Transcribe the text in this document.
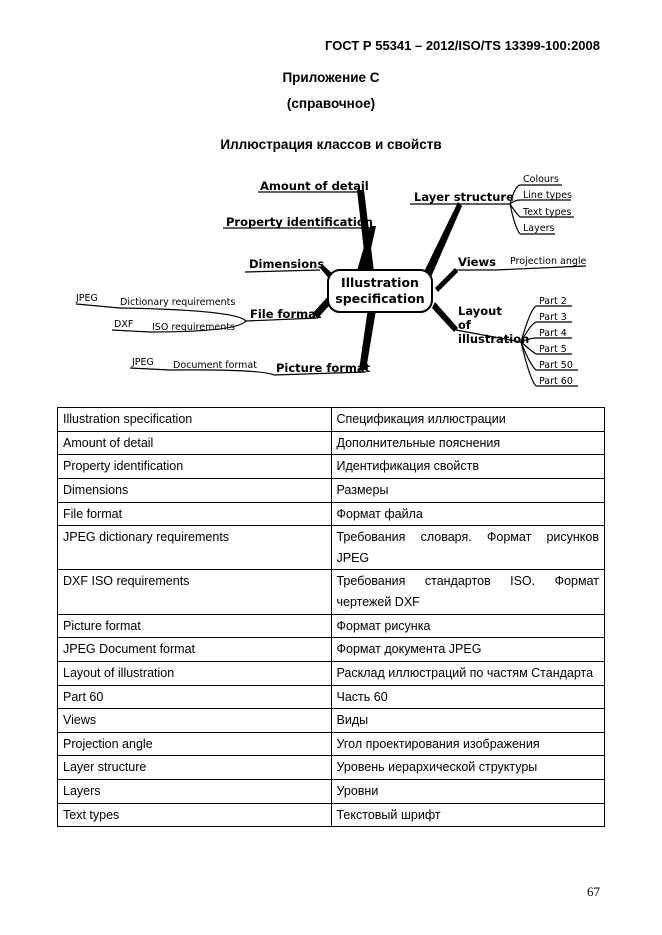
ГОСТ Р 55341 – 2012/ISO/TS 13399-100:2008
Приложение С
(справочное)
Иллюстрация классов и свойств
Illustration
specification
Amount of detail
Property identification
Dimensions
File format
Picture format
Layer structure
Views
Layout
of
illustration
Dictionary requirements
ISO requirements
JPEG
DXF
Document format
JPEG
Colours
Line types
Text types
Layers
Projection angle
Part 2
Part 3
Part 4
Part 5
Part 50
Part 60
Illustration specification	Спецификация иллюстрации
Amount of detail	Дополнительные пояснения
Property identification	Идентификация свойств
Dimensions	Размеры
File format	Формат файла
JPEG dictionary requirements	Требования словаря. Формат рисунков JPEG
DXF ISO requirements	Требования стандартов ISO. Формат чертежей DXF
Picture format	Формат рисунка
JPEG Document format	Формат документа JPEG
Layout of illustration	Расклад иллюстраций по частям Стандарта
Part 60	Часть 60
Views	Виды
Projection angle	Угол проектирования изображения
Layer structure	Уровень иерархической структуры
Layers	Уровни
Text types	Текстовый шрифт
67
